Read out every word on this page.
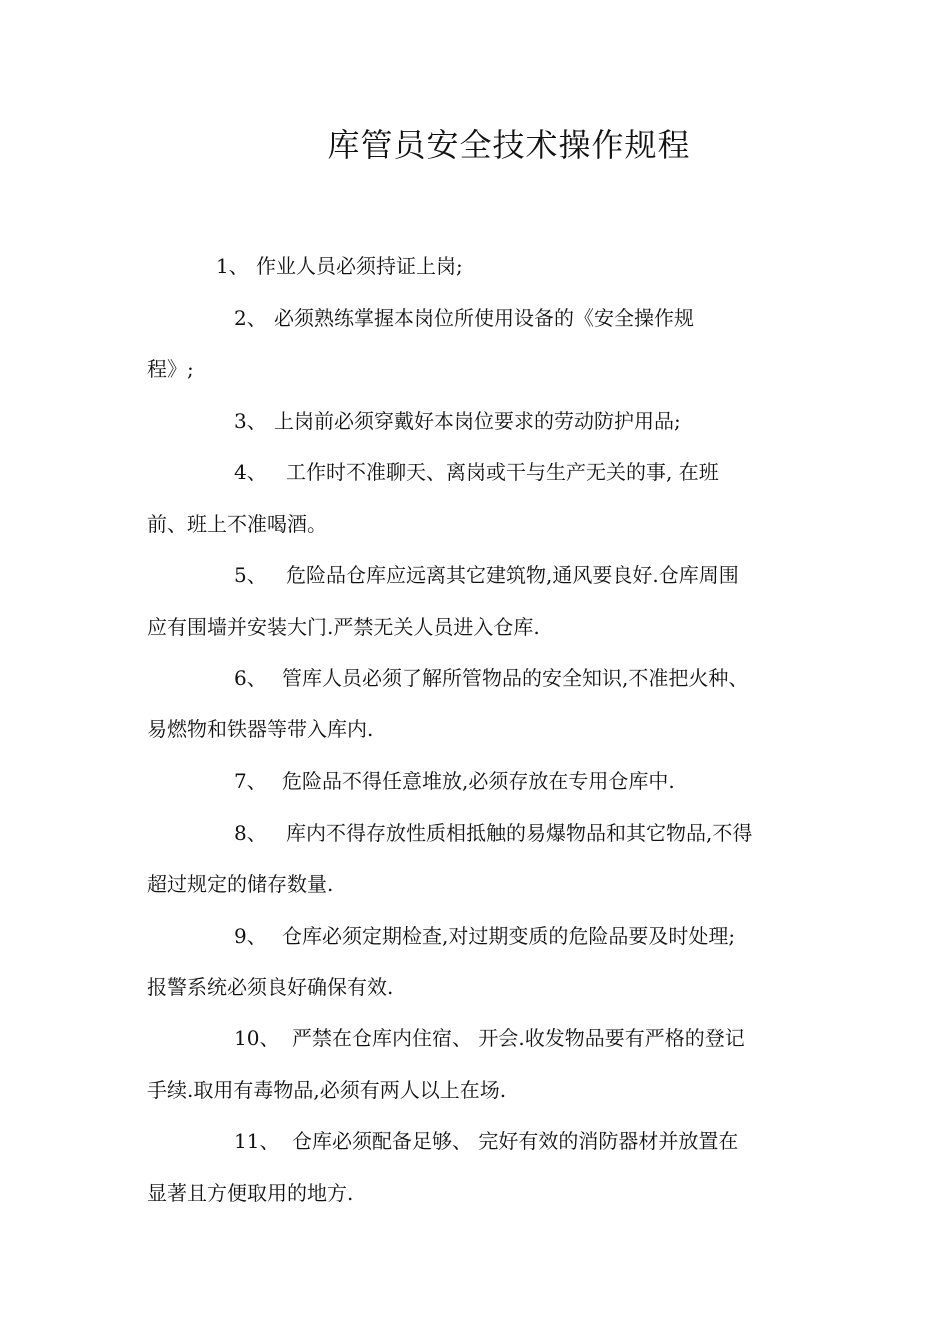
库管员安全技术操作规程
1、 作业人员必须持证上岗;
2、 必须熟练掌握本岗位所使用设备的《安全操作规
程》;
3、 上岗前必须穿戴好本岗位要求的劳动防护用品;
4、 工作时不准聊天、离岗或干与生产无关的事, 在班
前、班上不准喝酒。
5、 危险品仓库应远离其它建筑物,通风要良好.仓库周围
应有围墙并安装大门.严禁无关人员进入仓库.
6、 管库人员必须了解所管物品的安全知识,不准把火种、
易燃物和铁器等带入库内.
7、 危险品不得任意堆放,必须存放在专用仓库中.
8、 库内不得存放性质相抵触的易爆物品和其它物品,不得
超过规定的储存数量.
9、 仓库必须定期检查,对过期变质的危险品要及时处理;
报警系统必须良好确保有效.
10、 严禁在仓库内住宿、 开会.收发物品要有严格的登记
手续.取用有毒物品,必须有两人以上在场.
11、 仓库必须配备足够、 完好有效的消防器材并放置在
显著且方便取用的地方.
